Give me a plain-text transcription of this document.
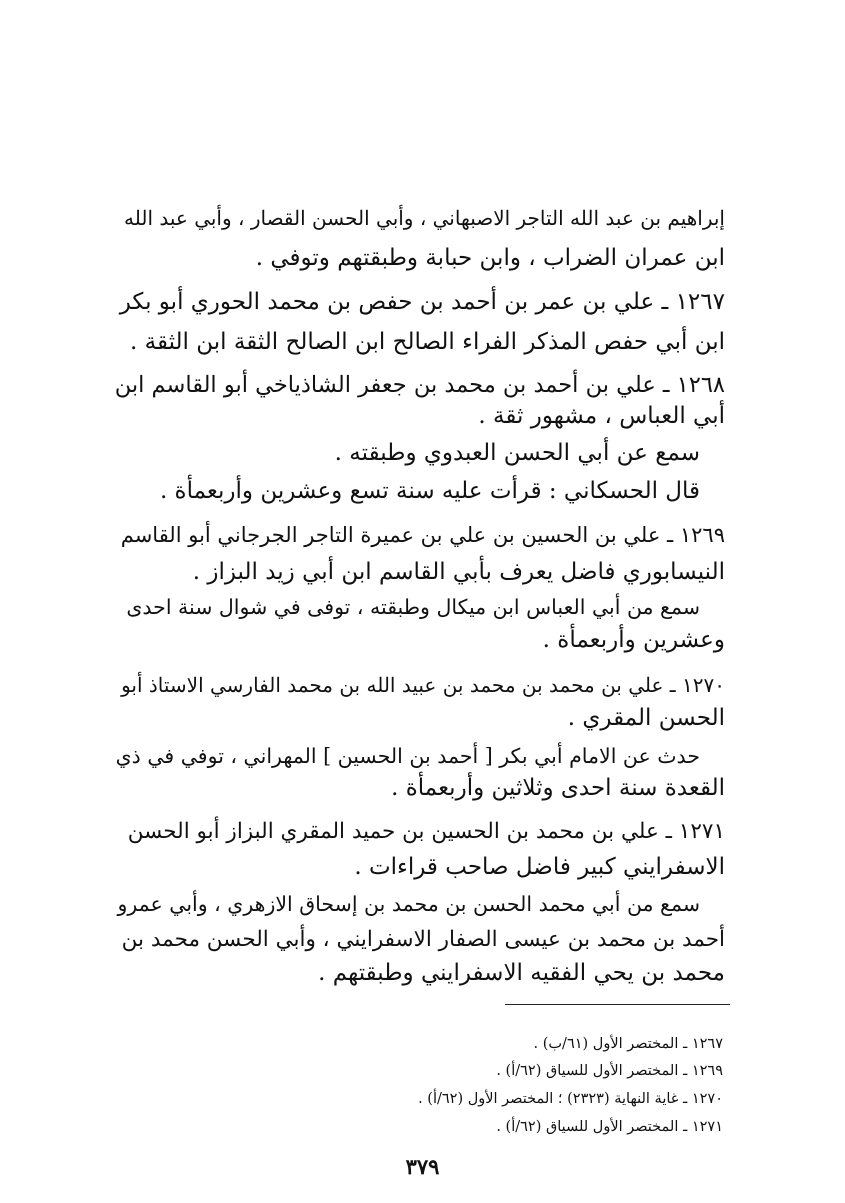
إبراهيم بن عبد الله التاجر الاصبهاني ، وأبي الحسن القصار ، وأبي عبد الله
ابن عمران الضراب ، وابن حبابة وطبقتهم وتوفي .
١٢٦٧ ـ علي بن عمر بن أحمد بن حفص بن محمد الحوري أبو بكر
ابن أبي حفص المذكر الفراء الصالح ابن الصالح الثقة ابن الثقة .
١٢٦٨ ـ علي بن أحمد بن محمد بن جعفر الشاذياخي أبو القاسم ابن
أبي العباس ، مشهور ثقة .
سمع عن أبي الحسن العبدوي وطبقته .
قال الحسكاني : قرأت عليه سنة تسع وعشرين وأربعمأة .
١٢٦٩ ـ علي بن الحسين بن علي بن عميرة التاجر الجرجاني أبو القاسم
النيسابوري فاضل يعرف بأبي القاسم ابن أبي زيد البزاز .
سمع من أبي العباس ابن ميكال وطبقته ، توفى في شوال سنة احدى
وعشرين وأربعمأة .
١٢٧٠ ـ علي بن محمد بن محمد بن عبيد الله بن محمد الفارسي الاستاذ أبو
الحسن المقري .
حدث عن الامام أبي بكر [ أحمد بن الحسين ] المهراني ، توفي في ذي
القعدة سنة احدى وثلاثين وأربعمأة .
١٢٧١ ـ علي بن محمد بن الحسين بن حميد المقري البزاز أبو الحسن
الاسفرايني كبير فاضل صاحب قراءات .
سمع من أبي محمد الحسن بن محمد بن إسحاق الازهري ، وأبي عمرو
أحمد بن محمد بن عيسى الصفار الاسفرايني ، وأبي الحسن محمد بن
محمد بن يحي الفقيه الاسفرايني وطبقتهم .
١٢٦٧ ـ المختصر الأول (٦١/ب) .
١٢٦٩ ـ المختصر الأول للسياق (٦٢/أ) .
١٢٧٠ ـ غاية النهاية (٢٣٢٣) ؛ المختصر الأول (٦٢/أ) .
١٢٧١ ـ المختصر الأول للسياق (٦٢/أ) .
٣٧٩
